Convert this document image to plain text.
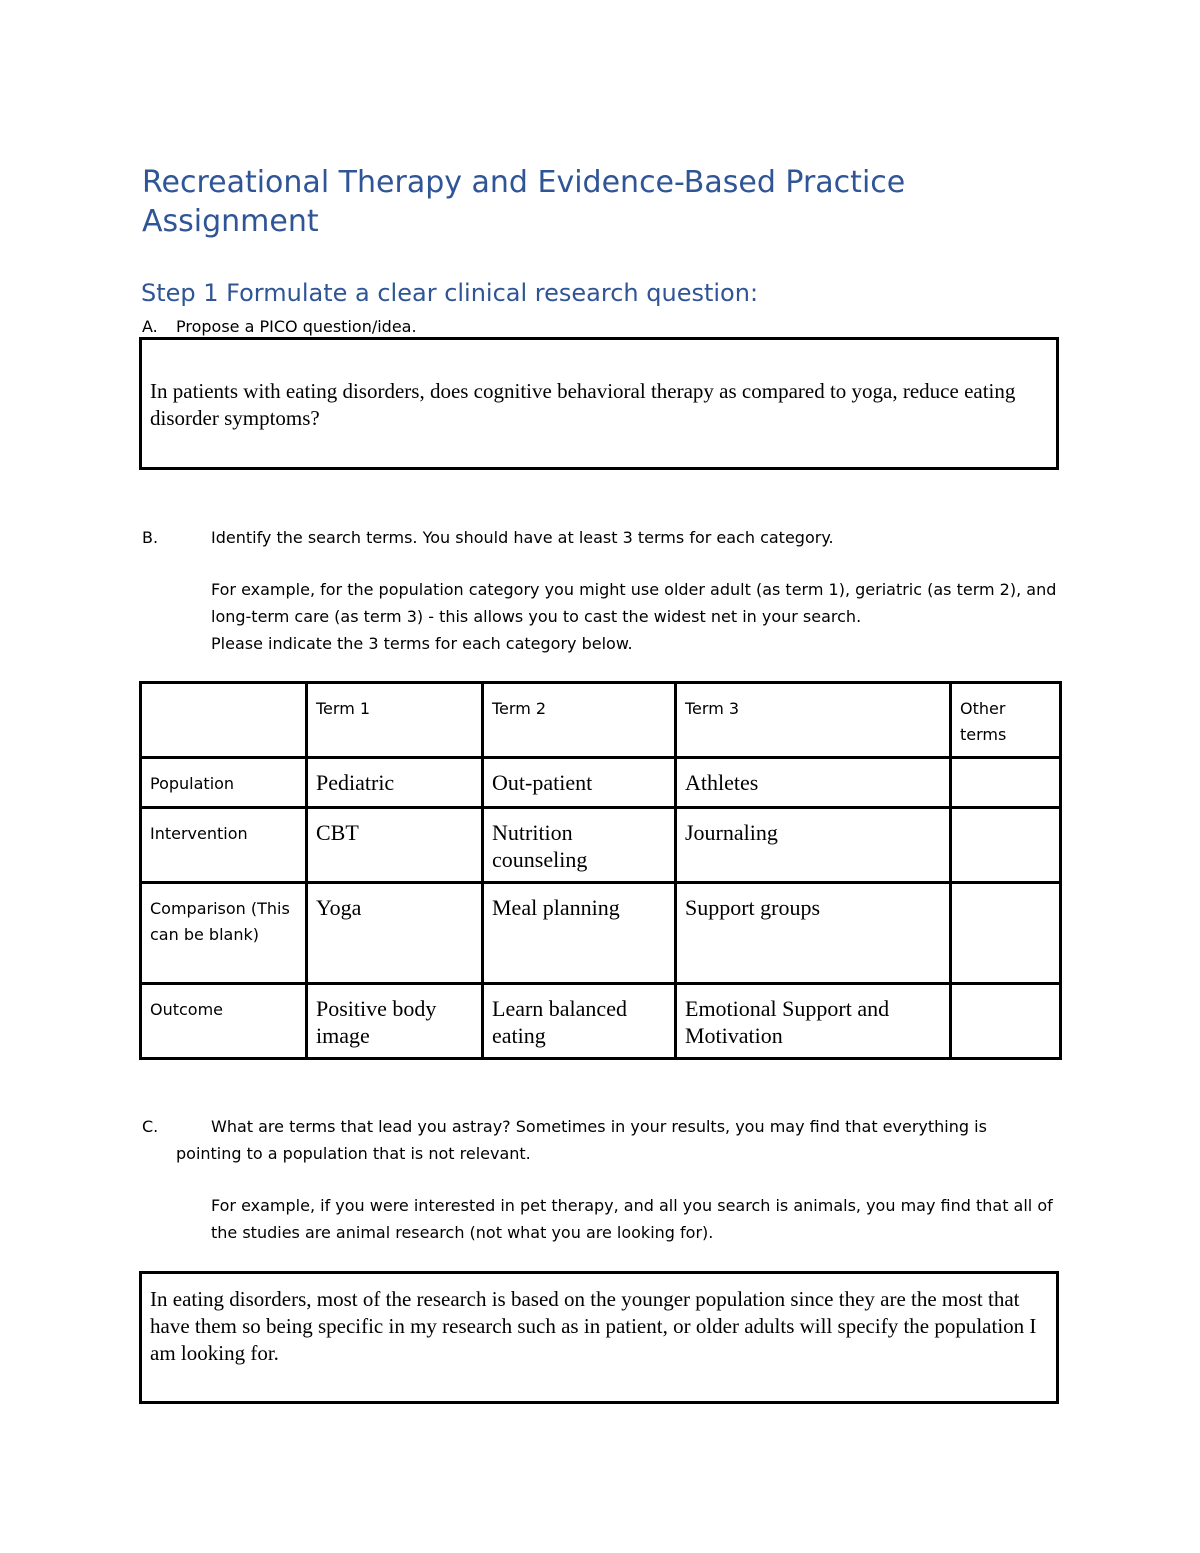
Recreational Therapy and Evidence-Based Practice Assignment
Step 1 Formulate a clear clinical research question:
A. Propose a PICO question/idea.
In patients with eating disorders, does cognitive behavioral therapy as compared to yoga, reduce eating disorder symptoms?
B.	Identify the search terms. You should have at least 3 terms for each category.
For example, for the population category you might use older adult (as term 1), geriatric (as term 2), and long-term care (as term 3) - this allows you to cast the widest net in your search.
Please indicate the 3 terms for each category below.
	Term 1	Term 2	Term 3	Other terms
Population	Pediatric	Out-patient	Athletes	
Intervention	CBT	Nutrition counseling	Journaling	
Comparison (This can be blank)	Yoga	Meal planning	Support groups	
Outcome	Positive body image	Learn balanced eating	Emotional Support and Motivation	
C.	What are terms that lead you astray? Sometimes in your results, you may find that everything is
pointing to a population that is not relevant.
For example, if you were interested in pet therapy, and all you search is animals, you may find that all of the studies are animal research (not what you are looking for).
In eating disorders, most of the research is based on the younger population since they are the most that have them so being specific in my research such as in patient, or older adults will specify the population I am looking for.
